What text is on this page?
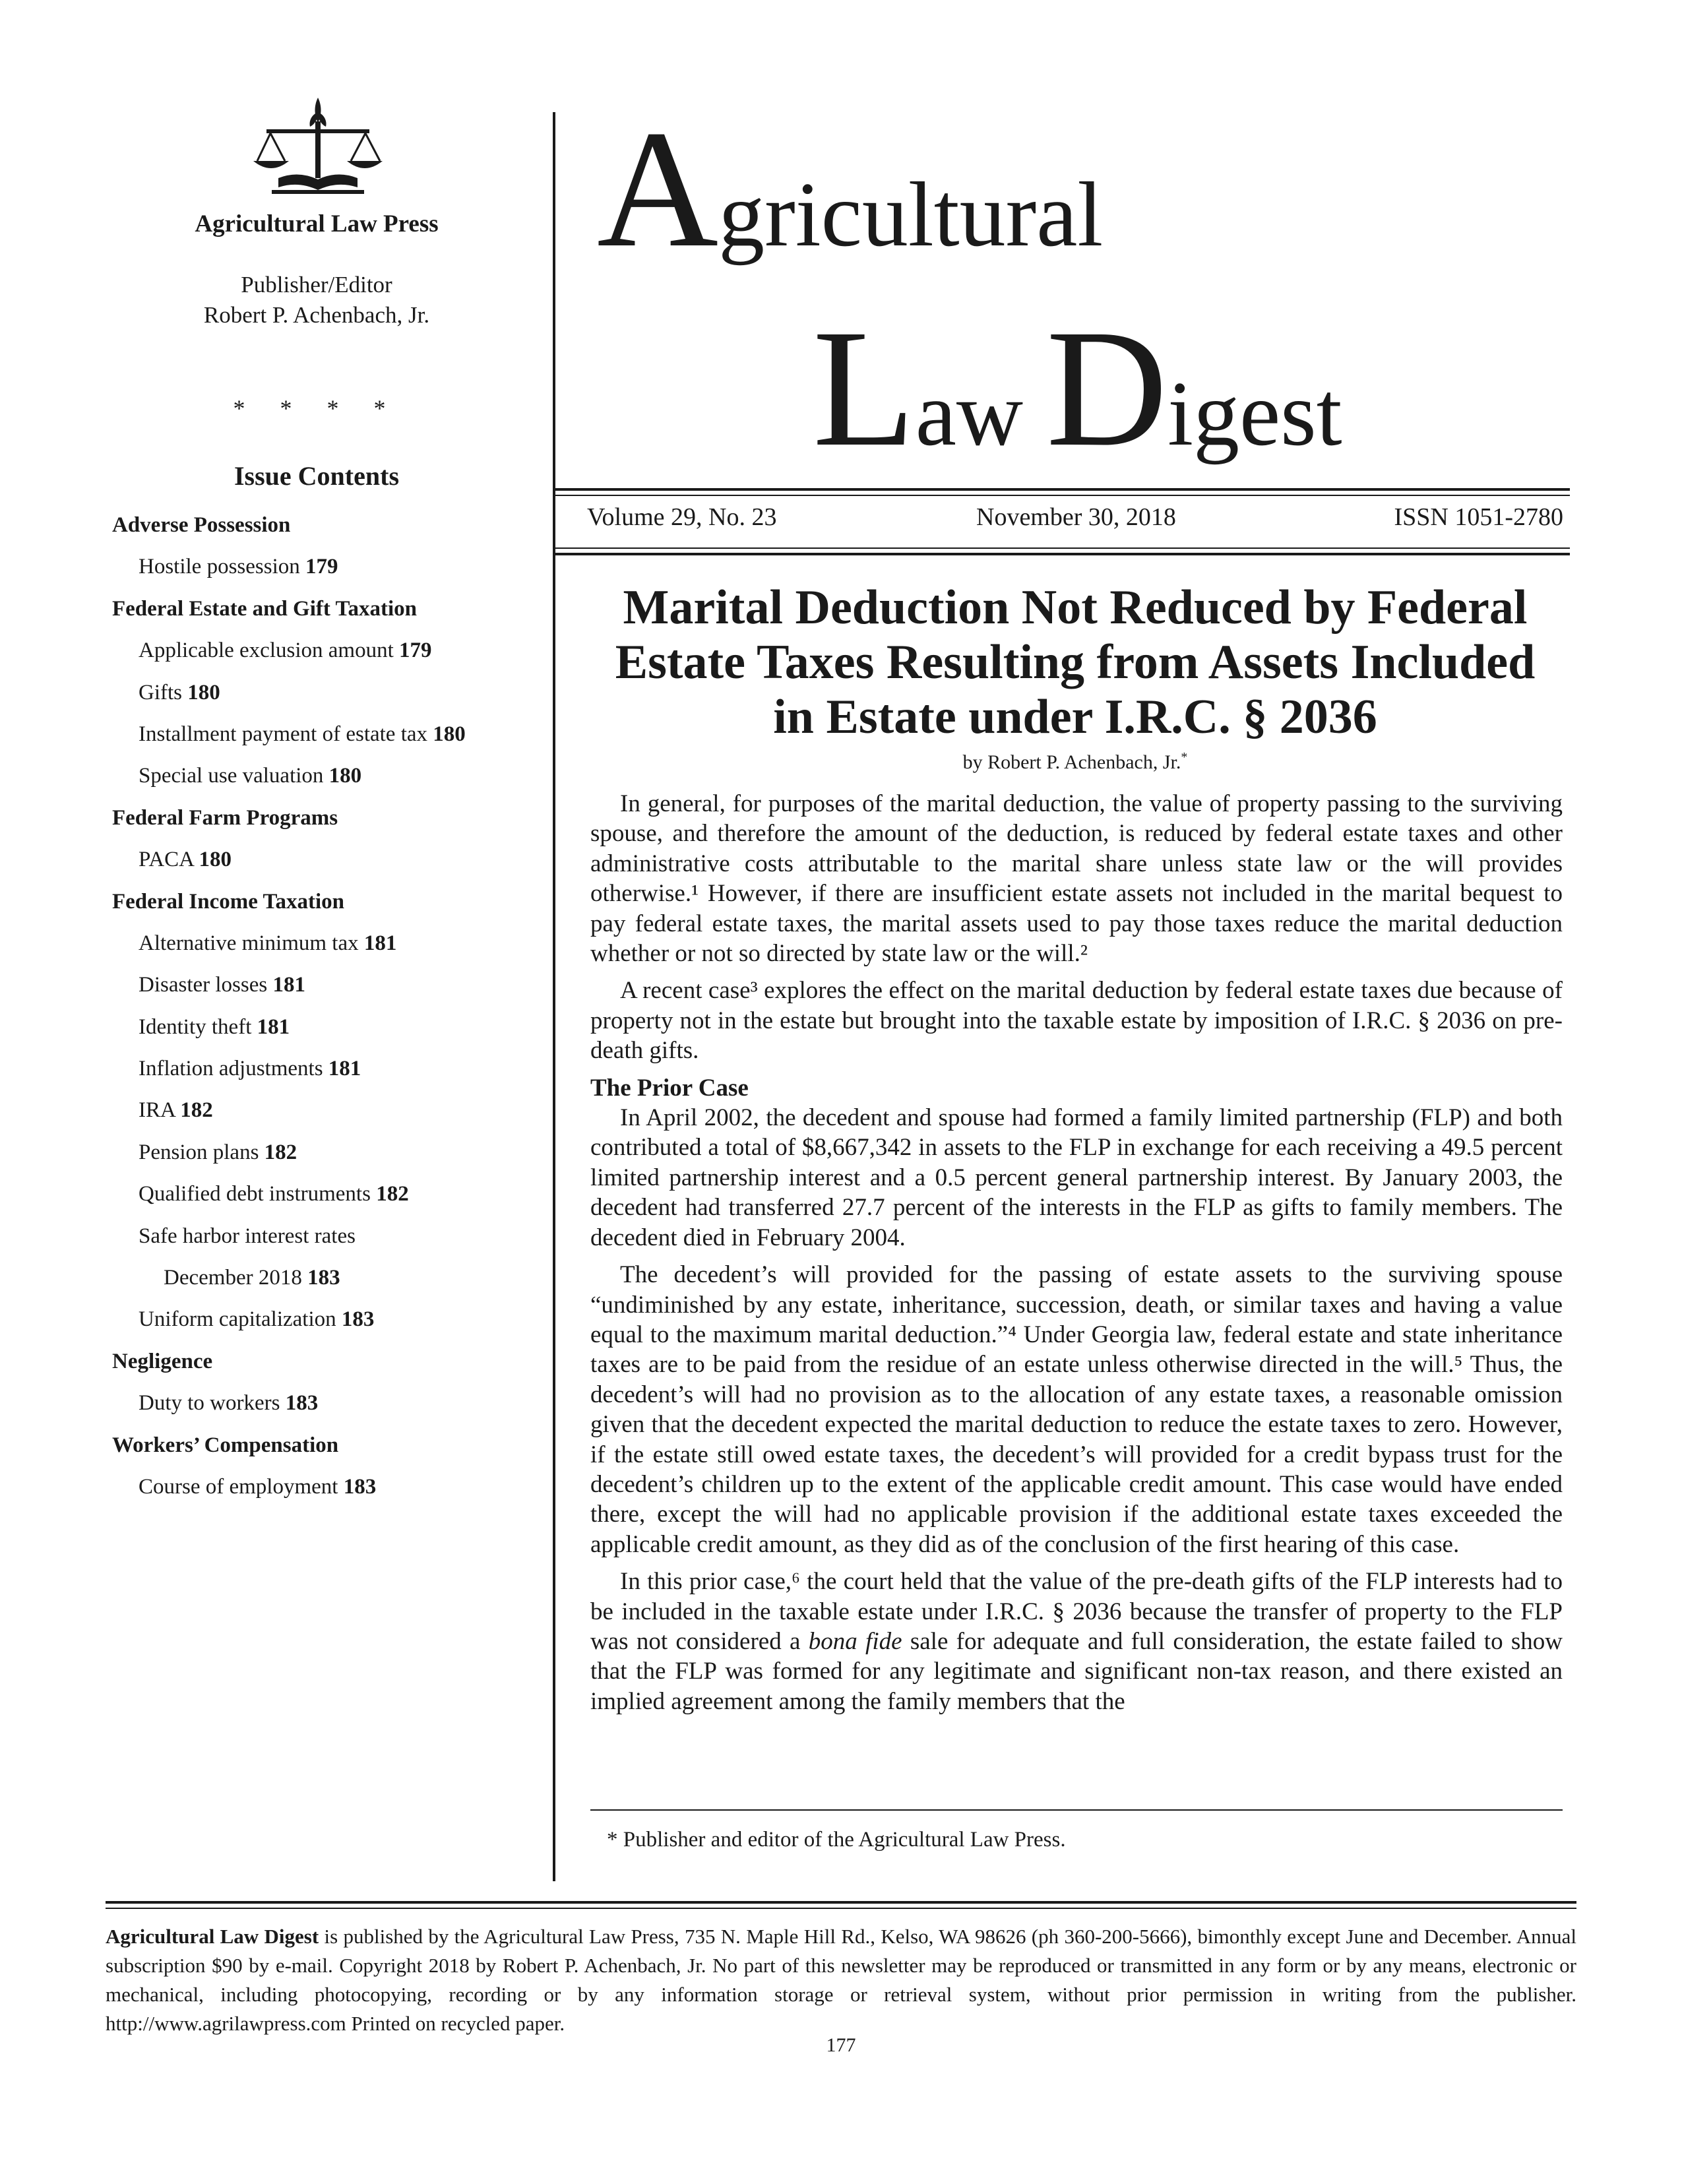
Agricultural Law Press
Publisher/Editor
Robert P. Achenbach, Jr.
* * * *
Issue Contents
Adverse Possession
Hostile possession 179
Federal Estate and Gift Taxation
Applicable exclusion amount 179
Gifts 180
Installment payment of estate tax 180
Special use valuation 180
Federal Farm Programs
PACA 180
Federal Income Taxation
Alternative minimum tax 181
Disaster losses 181
Identity theft 181
Inflation adjustments 181
IRA 182
Pension plans 182
Qualified debt instruments 182
Safe harbor interest rates
December 2018 183
Uniform capitalization 183
Negligence
Duty to workers 183
Workers’ Compensation
Course of employment 183
Agricultural
Law Digest
Volume 29, No. 23	November 30, 2018	ISSN 1051-2780
Marital Deduction Not Reduced by Federal
Estate Taxes Resulting from Assets Included
in Estate under I.R.C. § 2036
by Robert P. Achenbach, Jr.*

In general, for purposes of the marital deduction, the value of property passing to the surviving spouse, and therefore the amount of the deduction, is reduced by federal estate taxes and other administrative costs attributable to the marital share unless state law or the will provides otherwise.¹ However, if there are insufficient estate assets not included in the marital bequest to pay federal estate taxes, the marital assets used to pay those taxes reduce the marital deduction whether or not so directed by state law or the will.²

A recent case³ explores the effect on the marital deduction by federal estate taxes due because of property not in the estate but brought into the taxable estate by imposition of I.R.C. § 2036 on pre-death gifts.

The Prior Case

In April 2002, the decedent and spouse had formed a family limited partnership (FLP) and both contributed a total of $8,667,342 in assets to the FLP in exchange for each receiving a 49.5 percent limited partnership interest and a 0.5 percent general partnership interest. By January 2003, the decedent had transferred 27.7 percent of the interests in the FLP as gifts to family members. The decedent died in February 2004.

The decedent’s will provided for the passing of estate assets to the surviving spouse “undiminished by any estate, inheritance, succession, death, or similar taxes and having a value equal to the maximum marital deduction.”⁴ Under Georgia law, federal estate and state inheritance taxes are to be paid from the residue of an estate unless otherwise directed in the will.⁵ Thus, the decedent’s will had no provision as to the allocation of any estate taxes, a reasonable omission given that the decedent expected the marital deduction to reduce the estate taxes to zero. However, if the estate still owed estate taxes, the decedent’s will provided for a credit bypass trust for the decedent’s children up to the extent of the applicable credit amount. This case would have ended there, except the will had no applicable provision if the additional estate taxes exceeded the applicable credit amount, as they did as of the conclusion of the first hearing of this case.

In this prior case,⁶ the court held that the value of the pre-death gifts of the FLP interests had to be included in the taxable estate under I.R.C. § 2036 because the transfer of property to the FLP was not considered a bona fide sale for adequate and full consideration, the estate failed to show that the FLP was formed for any legitimate and significant non-tax reason, and there existed an implied agreement among the family members that the

* Publisher and editor of the Agricultural Law Press.
Agricultural Law Digest is published by the Agricultural Law Press, 735 N. Maple Hill Rd., Kelso, WA 98626 (ph 360-200-5666), bimonthly except June and December. Annual subscription $90 by e-mail. Copyright 2018 by Robert P. Achenbach, Jr. No part of this newsletter may be reproduced or transmitted in any form or by any means, electronic or mechanical, including photocopying, recording or by any information storage or retrieval system, without prior permission in writing from the publisher. http://www.agrilawpress.com Printed on recycled paper.
177
